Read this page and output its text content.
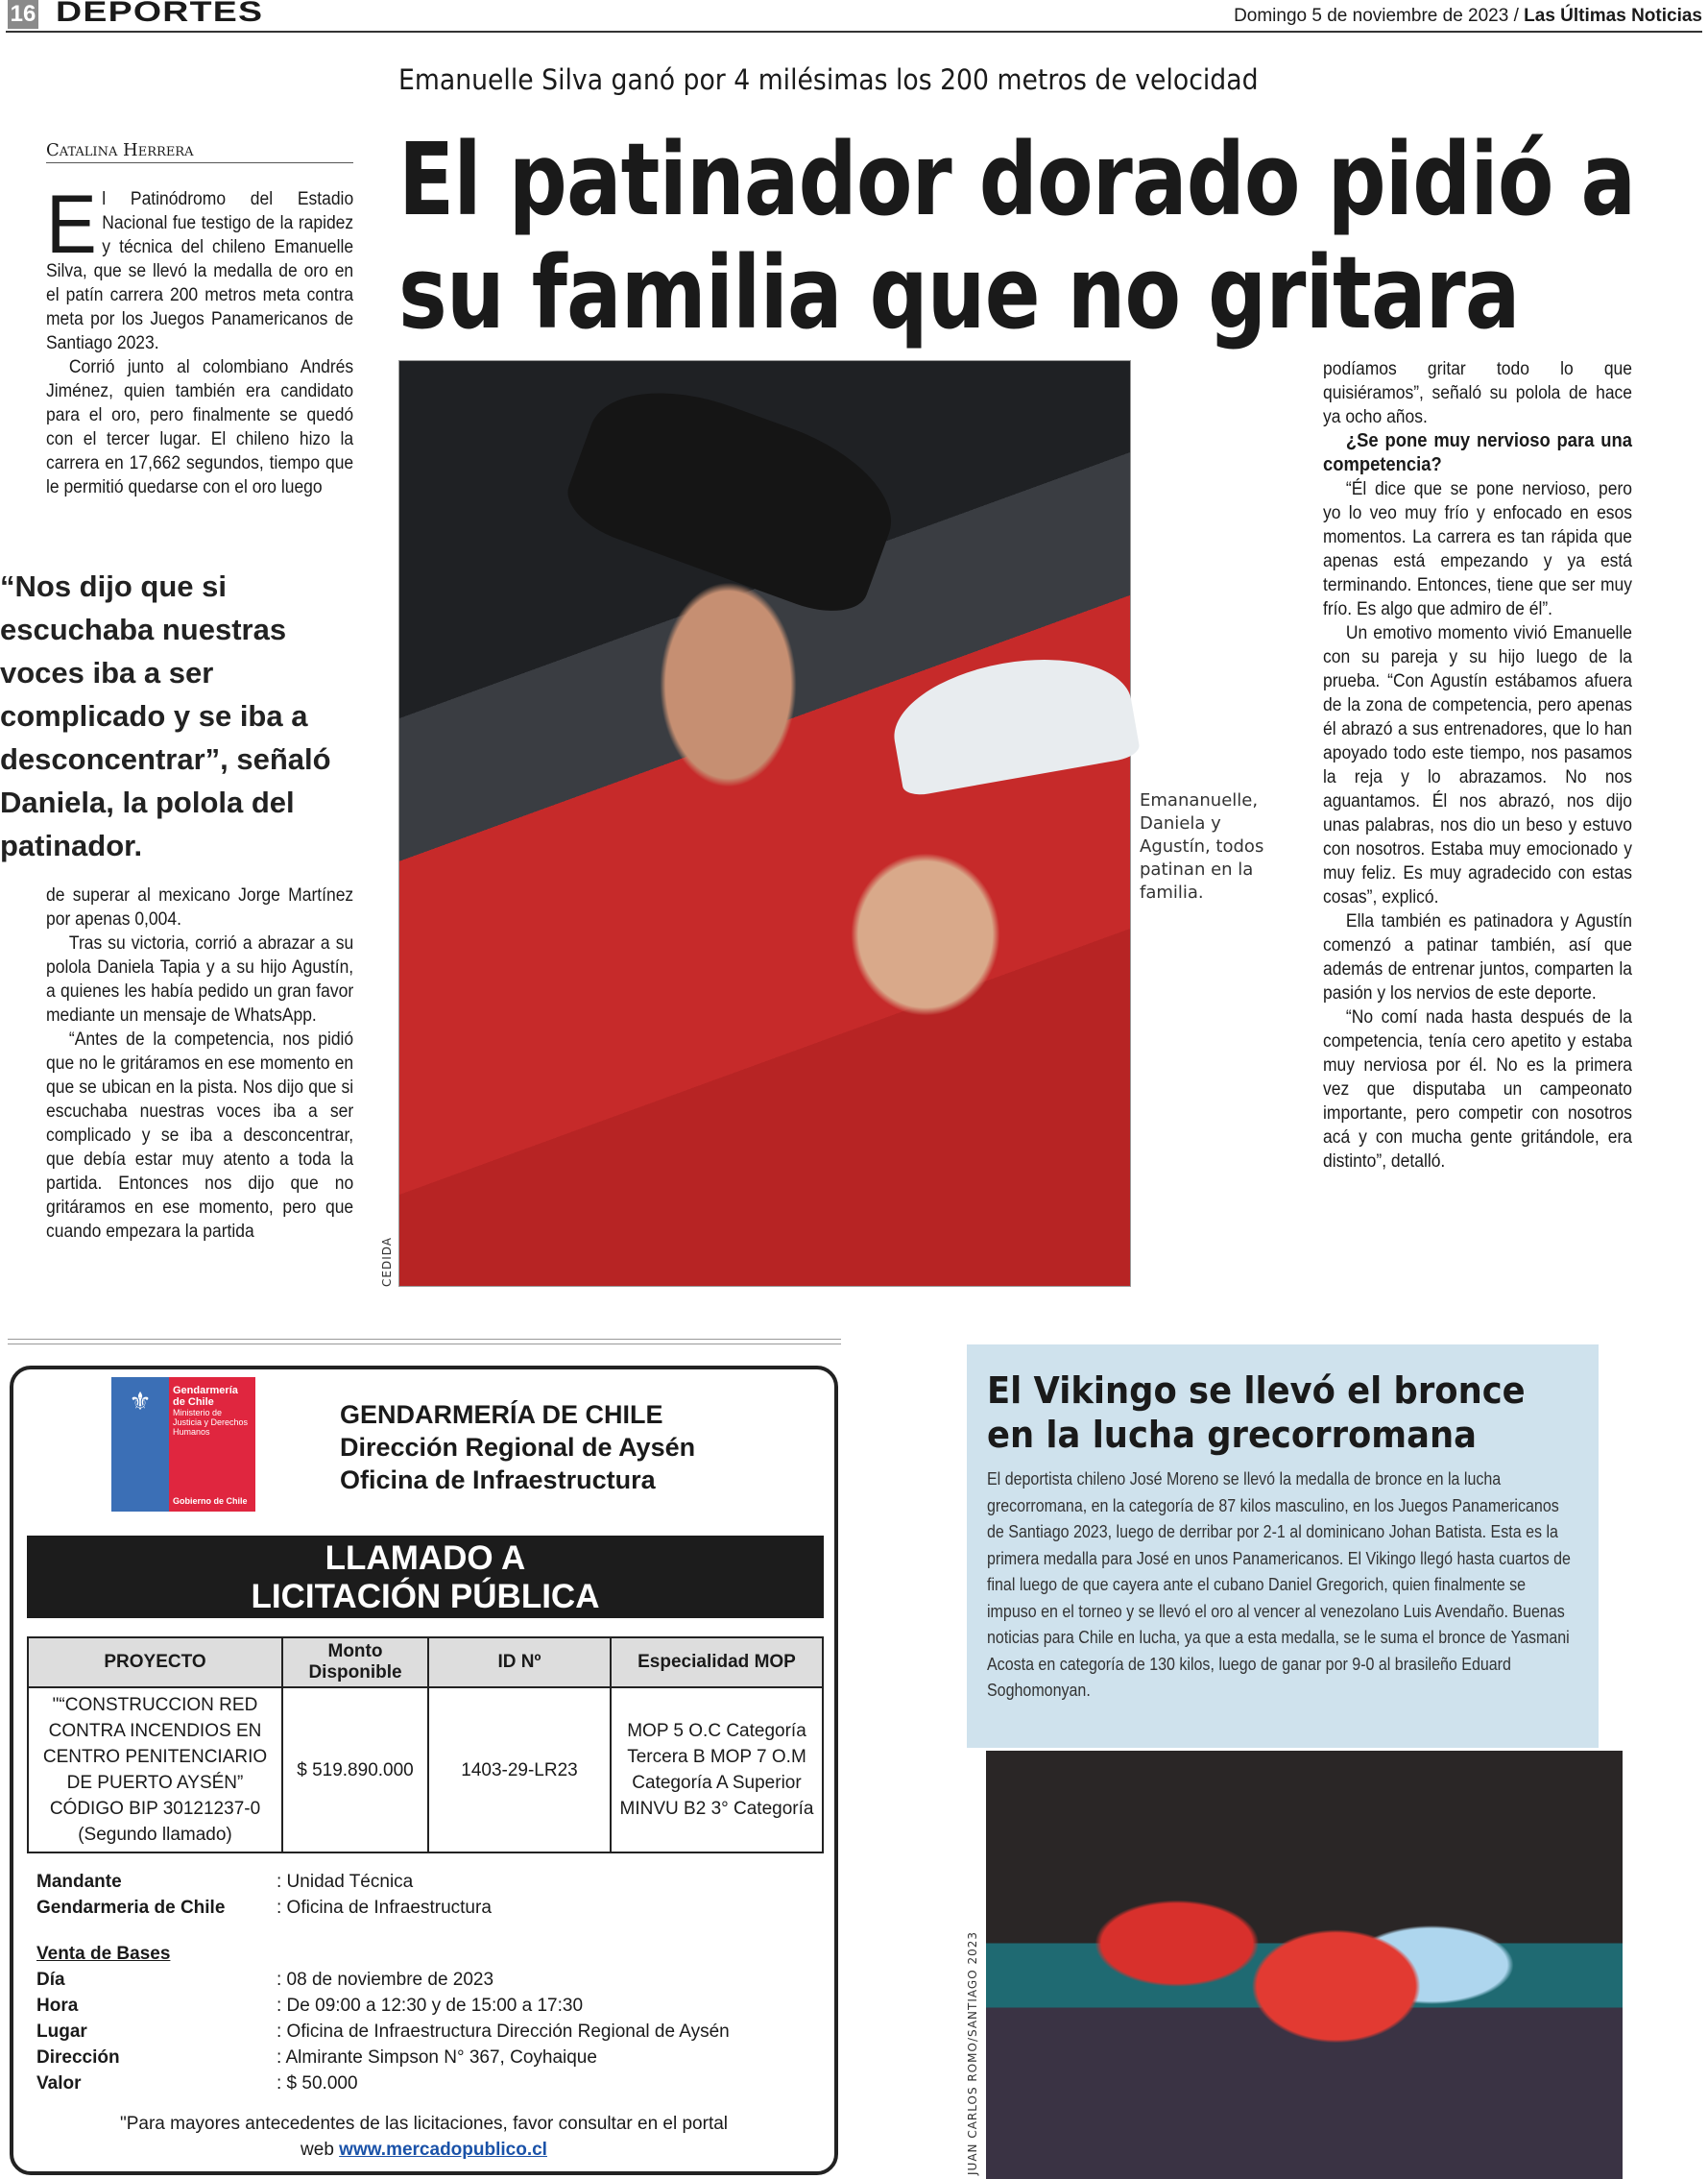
16 DEPORTES	Domingo 5 de noviembre de 2023 / Las Últimas Noticias
Emanuelle Silva ganó por 4 milésimas los 200 metros de velocidad
El patinador dorado pidió a
su familia que no gritara
Catalina Herrera

El Patinódromo del Estadio Nacional fue testigo de la rapidez y técnica del chileno Emanuelle Silva, que se llevó la medalla de oro en el patín carrera 200 metros meta contra meta por los Juegos Panamericanos de Santiago 2023.

Corrió junto al colombiano Andrés Jiménez, quien también era candidato para el oro, pero finalmente se quedó con el tercer lugar. El chileno hizo la carrera en 17,662 segundos, tiempo que le permitió quedarse con el oro luego

“Nos dijo que si escuchaba nuestras voces iba a ser complicado y se iba a desconcentrar”, señaló Daniela, la polola del patinador.

de superar al mexicano Jorge Martínez por apenas 0,004.

Tras su victoria, corrió a abrazar a su polola Daniela Tapia y a su hijo Agustín, a quienes les había pedido un gran favor mediante un mensaje de WhatsApp.

“Antes de la competencia, nos pidió que no le gritáramos en ese momento en que se ubican en la pista. Nos dijo que si escuchaba nuestras voces iba a ser complicado y se iba a desconcentrar, que debía estar muy atento a toda la partida. Entonces nos dijo que no gritáramos en ese momento, pero que cuando empezara la partida

CEDIDA
Emananuelle, Daniela y Agustín, todos patinan en la familia.

podíamos gritar todo lo que quisiéramos”, señaló su polola de hace ya ocho años.

¿Se pone muy nervioso para una competencia?

“Él dice que se pone nervioso, pero yo lo veo muy frío y enfocado en esos momentos. La carrera es tan rápida que apenas está empezando y ya está terminando. Entonces, tiene que ser muy frío. Es algo que admiro de él”.

Un emotivo momento vivió Emanuelle con su pareja y su hijo luego de la prueba. “Con Agustín estábamos afuera de la zona de competencia, pero apenas él abrazó a sus entrenadores, que lo han apoyado todo este tiempo, nos pasamos la reja y lo abrazamos. No nos aguantamos. Él nos abrazó, nos dijo unas palabras, nos dio un beso y estuvo con nosotros. Estaba muy emocionado y muy feliz. Es muy agradecido con estas cosas”, explicó.

Ella también es patinadora y Agustín comenzó a patinar también, así que además de entrenar juntos, comparten la pasión y los nervios de este deporte.

“No comí nada hasta después de la competencia, tenía cero apetito y estaba muy nerviosa por él. No es la primera vez que disputaba un campeonato importante, pero competir con nosotros acá y con mucha gente gritándole, era distinto”, detalló.

⚜	Gendarmería de Chile
Ministerio de Justicia y Derechos Humanos
Gobierno de Chile
GENDARMERÍA DE CHILE
Dirección Regional de Aysén
Oficina de Infraestructura
LLAMADO A
LICITACIÓN PÚBLICA
PROYECTO	Monto Disponible	ID Nº	Especialidad MOP
"“CONSTRUCCION RED CONTRA INCENDIOS EN CENTRO PENITENCIARIO DE PUERTO AYSÉN” CÓDIGO BIP 30121237-0 (Segundo llamado)	$ 519.890.000	1403-29-LR23	MOP 5 O.C Categoría Tercera B MOP 7 O.M Categoría A Superior MINVU B2 3° Categoría
Mandante	: Unidad Técnica
Gendarmeria de Chile	: Oficina de Infraestructura
Venta de Bases
Día	: 08 de noviembre de 2023
Hora	: De 09:00 a 12:30 y de 15:00 a 17:30
Lugar	: Oficina de Infraestructura Dirección Regional de Aysén
Dirección	: Almirante Simpson N° 367, Coyhaique
Valor	: $ 50.000
"Para mayores antecedentes de las licitaciones, favor consultar en el portal
web www.mercadopublico.cl
El Vikingo se llevó el bronce en la lucha grecorromana
El deportista chileno José Moreno se llevó la medalla de bronce en la lucha grecorromana, en la categoría de 87 kilos masculino, en los Juegos Panamericanos de Santiago 2023, luego de derribar por 2-1 al dominicano Johan Batista. Esta es la primera medalla para José en unos Panamericanos. El Vikingo llegó hasta cuartos de final luego de que cayera ante el cubano Daniel Gregorich, quien finalmente se impuso en el torneo y se llevó el oro al vencer al venezolano Luis Avendaño. Buenas noticias para Chile en lucha, ya que a esta medalla, se le suma el bronce de Yasmani Acosta en categoría de 130 kilos, luego de ganar por 9-0 al brasileño Eduard Soghomonyan.
JUAN CARLOS ROMO/SANTIAGO 2023
